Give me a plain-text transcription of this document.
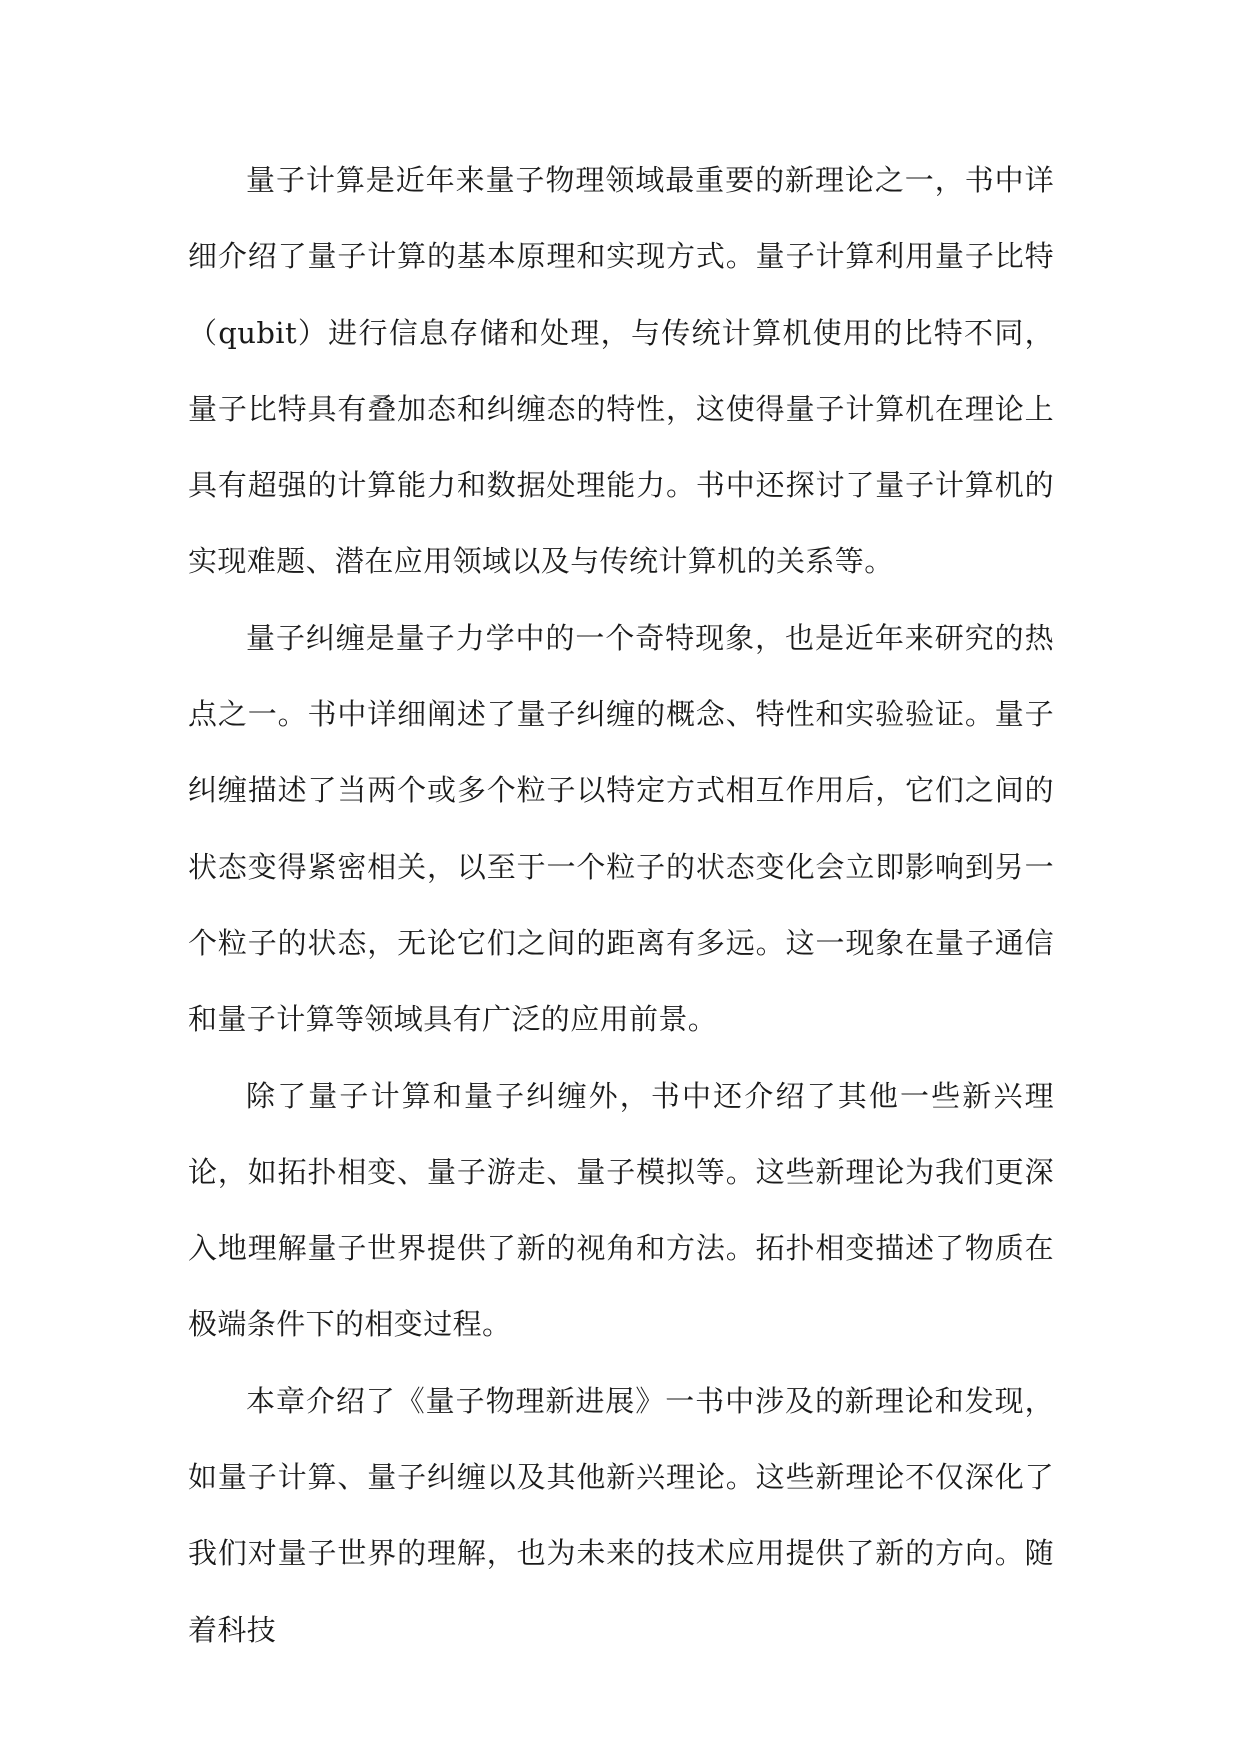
量子计算是近年来量子物理领域最重要的新理论之一，书中详细介绍了量子计算的基本原理和实现方式。量子计算利用量子比特（qubit）进行信息存储和处理，与传统计算机使用的比特不同，量子比特具有叠加态和纠缠态的特性，这使得量子计算机在理论上具有超强的计算能力和数据处理能力。书中还探讨了量子计算机的实现难题、潜在应用领域以及与传统计算机的关系等。

量子纠缠是量子力学中的一个奇特现象，也是近年来研究的热点之一。书中详细阐述了量子纠缠的概念、特性和实验验证。量子纠缠描述了当两个或多个粒子以特定方式相互作用后，它们之间的状态变得紧密相关，以至于一个粒子的状态变化会立即影响到另一个粒子的状态，无论它们之间的距离有多远。这一现象在量子通信和量子计算等领域具有广泛的应用前景。

除了量子计算和量子纠缠外，书中还介绍了其他一些新兴理论，如拓扑相变、量子游走、量子模拟等。这些新理论为我们更深入地理解量子世界提供了新的视角和方法。拓扑相变描述了物质在极端条件下的相变过程。

本章介绍了《量子物理新进展》一书中涉及的新理论和发现，如量子计算、量子纠缠以及其他新兴理论。这些新理论不仅深化了我们对量子世界的理解，也为未来的技术应用提供了新的方向。随着科技
